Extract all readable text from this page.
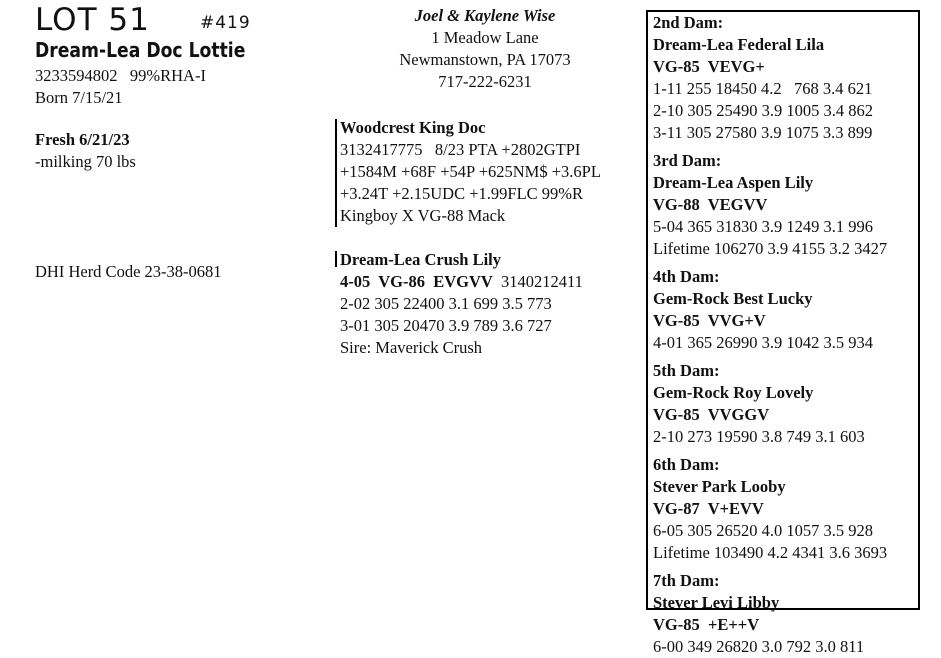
LOT 51	#419
Dream-Lea Doc Lottie
3233594802   99%RHA-I
Born 7/15/21
Fresh 6/21/23
-milking 70 lbs
DHI Herd Code 23-38-0681
Joel & Kaylene Wise
1 Meadow Lane
Newmanstown, PA 17073
717-222-6231
Woodcrest King Doc
3132417775   8/23 PTA +2802GTPI
+1584M +68F +54P +625NM$ +3.6PL
+3.24T +2.15UDC +1.99FLC 99%R
Kingboy X VG-88 Mack
Dream-Lea Crush Lily
4-05  VG-86  EVGVV 3140212411
2-02 305 22400 3.1 699 3.5 773
3-01 305 20470 3.9 789 3.6 727
Sire: Maverick Crush
2nd Dam:
Dream-Lea Federal Lila
VG-85  VEVG+
1-11 255 18450 4.2   768 3.4 621
2-10 305 25490 3.9 1005 3.4 862
3-11 305 27580 3.9 1075 3.3 899
3rd Dam:
Dream-Lea Aspen Lily
VG-88  VEGVV
5-04 365 31830 3.9 1249 3.1 996
Lifetime 106270 3.9 4155 3.2 3427
4th Dam:
Gem-Rock Best Lucky
VG-85  VVG+V
4-01 365 26990 3.9 1042 3.5 934
5th Dam:
Gem-Rock Roy Lovely
VG-85  VVGGV
2-10 273 19590 3.8 749 3.1 603
6th Dam:
Stever Park Looby
VG-87  V+EVV
6-05 305 26520 4.0 1057 3.5 928
Lifetime 103490 4.2 4341 3.6 3693
7th Dam:
Stever Levi Libby
VG-85  +E++V
6-00 349 26820 3.0 792 3.0 811
